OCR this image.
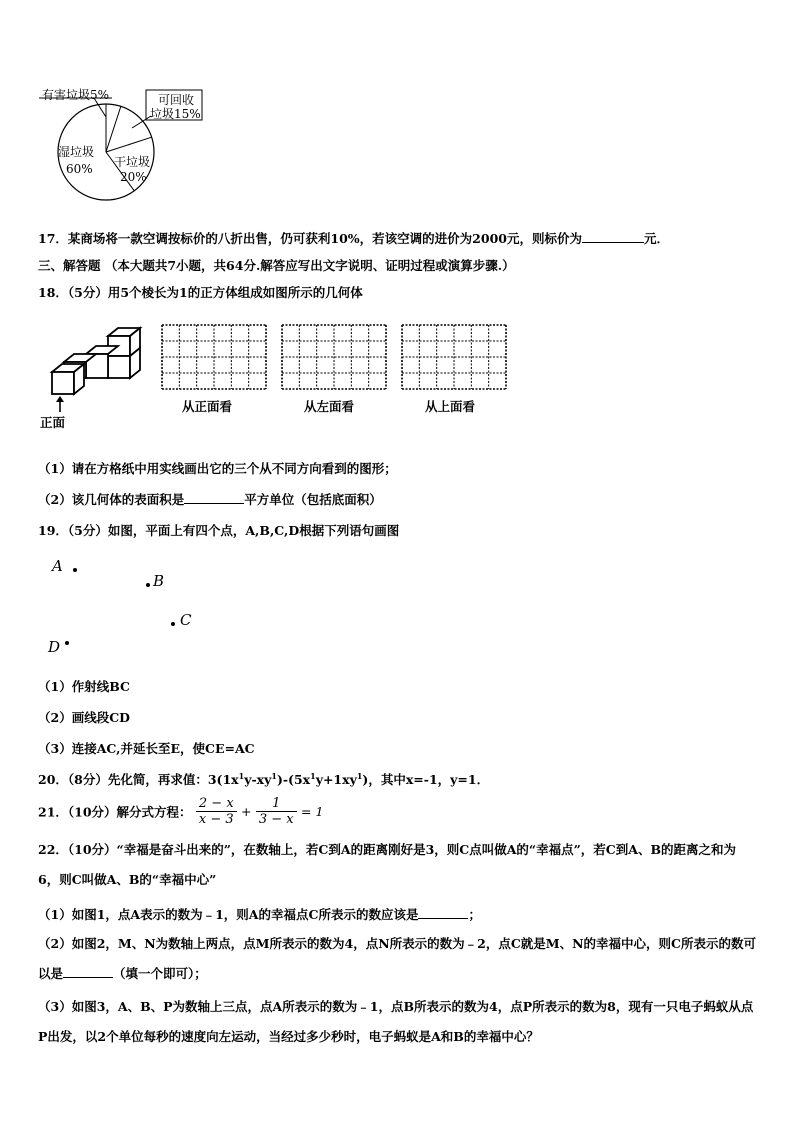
有害垃圾5%	可回收
垃圾15%
湿垃圾
60% 干垃圾
20%
17．某商场将一款空调按标价的八折出售，仍可获利10%，若该空调的进价为2000元，则标价为	元．
三、解答题 （本大题共7小题，共64分.解答应写出文字说明、证明过程或演算步骤.）
18．（5分）用5个棱长为1的正方体组成如图所示的几何体
正面
从正面看	从左面看	从上面看
（1）请在方格纸中用实线画出它的三个从不同方向看到的图形；
（2）该几何体的表面积是	平方单位（包括底面积）
19．（5分）如图，平面上有四个点，A,B,C,D根据下列语句画图
A
B
C
D
（1）作射线BC
（2）画线段CD
（3）连接AC,并延长至E，使CE=AC
20．（8分）先化简，再求值：$3(1x^1y-xy^1)-(5x^1y+1xy^1)$，其中x=-1，y=1．
21．（10分）解分式方程： $\frac{2 - x}{x - 3} + \frac{1}{3 - x} = 1$
22．（10分）“幸福是奋斗出来的”，在数轴上，若C到A的距离刚好是3，则C点叫做A的“幸福点”，若C到A、B的距离之和为6，则C叫做A、B的“幸福中心”
（1）如图1，点A表示的数为﹣1，则A的幸福点C所表示的数应该是	；
（2）如图2，M、N为数轴上两点，点M所表示的数为4，点N所表示的数为﹣2，点C就是M、N的幸福中心，则C所表示的数可以是	（填一个即可）；
（3）如图3，A、B、P为数轴上三点，点A所表示的数为﹣1，点B所表示的数为4，点P所表示的数为8，现有一只电子蚂蚁从点P出发，以2个单位每秒的速度向左运动，当经过多少秒时，电子蚂蚁是A和B的幸福中心？
